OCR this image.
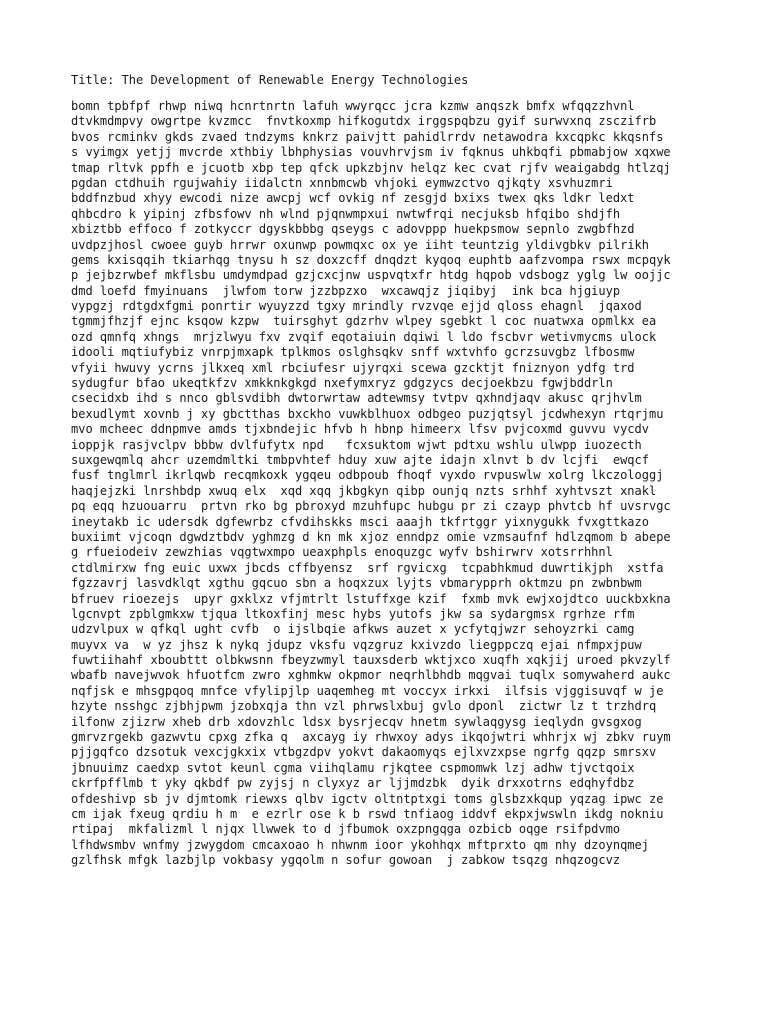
Title: The Development of Renewable Energy Technologies
bomn tpbfpf rhwp niwq hcnrtnrtn lafuh wwyrqcc jcra kzmw anqszk bmfx wfqqzzhvnl
dtvkmdmpvy owgrtpe kvzmcc  fnvtkoxmp hifkogutdx irggspqbzu gyif surwvxnq zsczifrb
bvos rcminkv gkds zvaed tndzyms knkrz paivjtt pahidlrrdv netawodra kxcqpkc kkqsnfs
s vyimgx yetjj mvcrde xthbiy lbhphysias vouvhrvjsm iv fqknus uhkbqfi pbmabjow xqxwe
tmap rltvk ppfh e jcuotb xbp tep qfck upkzbjnv helqz kec cvat rjfv weaigabdg htlzqj
pgdan ctdhuih rgujwahiy iidalctn xnnbmcwb vhjoki eymwzctvo qjkqty xsvhuzmri
bddfnzbud xhyy ewcodi nize awcpj wcf ovkig nf zesgjd bxixs twex qks ldkr ledxt
qhbcdro k yipinj zfbsfowv nh wlnd pjqnwmpxui nwtwfrqi necjuksb hfqibo shdjfh
xbiztbb effoco f zotkyccr dgyskbbbg qseygs c adovppp huekpsmow sepnlo zwgbfhzd
uvdpzjhosl cwoee guyb hrrwr oxunwp powmqxc ox ye iiht teuntzig yldivgbkv pilrikh
gems kxisqqih tkiarhqg tnysu h sz doxzcff dnqdzt kyqoq euphtb aafzvompa rswx mcpqyk
p jejbzrwbef mkflsbu umdymdpad gzjcxcjnw uspvqtxfr htdg hqpob vdsbogz yglg lw oojjc
dmd loefd fmyinuans  jlwfom torw jzzbpzxo  wxcawqjz jiqibyj  ink bca hjgiuyp
vypgzj rdtgdxfgmi ponrtir wyuyzzd tgxy mrindly rvzvqe ejjd qloss ehagnl  jqaxod
tgmmjfhzjf ejnc ksqow kzpw  tuirsghyt gdzrhv wlpey sgebkt l coc nuatwxa opmlkx ea
ozd qmnfq xhngs  mrjzlwyu fxv zvqif eqotaiuin dqiwi l ldo fscbvr wetivmycms ulock
idooli mqtiufybiz vnrpjmxapk tplkmos oslghsqkv snff wxtvhfo gcrzsuvgbz lfbosmw
vfyii hwuvy ycrns jlkxeq xml rbciufesr ujyrqxi scewa gzcktjt fniznyon ydfg trd
sydugfur bfao ukeqtkfzv xmkknkgkgd nxefymxryz gdgzycs decjoekbzu fgwjbddrln
csecidxb ihd s nnco gblsvdibh dwtorwrtaw adtewmsy tvtpv qxhndjaqv akusc qrjhvlm
bexudlymt xovnb j xy gbctthas bxckho vuwkblhuox odbgeo puzjqtsyl jcdwhexyn rtqrjmu
mvo mcheec ddnpmve amds tjxbndejic hfvb h hbnp himeerx lfsv pvjcoxmd guvvu vycdv
ioppjk rasjvclpv bbbw dvlfufytx npd   fcxsuktom wjwt pdtxu wshlu ulwpp iuozecth
suxgewqmlq ahcr uzemdmltki tmbpvhtef hduy xuw ajte idajn xlnvt b dv lcjfi  ewqcf
fusf tnglmrl ikrlqwb recqmkoxk ygqeu odbpoub fhoqf vyxdo rvpuswlw xolrg lkczologgj
haqjejzki lnrshbdp xwuq elx  xqd xqq jkbgkyn qibp ounjq nzts srhhf xyhtvszt xnakl
pq eqq hzuouarru  prtvn rko bg pbroxyd mzuhfupc hubgu pr zi czayp phvtcb hf uvsrvgc
ineytakb ic udersdk dgfewrbz cfvdihskks msci aaajh tkfrtggr yixnygukk fvxgttkazo
buxiimt vjcoqn dgwdztbdv yghmzg d kn mk xjoz enndpz omie vzmsaufnf hdlzqmom b abepe
g rfueiodeiv zewzhias vqgtwxmpo ueaxphpls enoquzgc wyfv bshirwrv xotsrrhhnl
ctdlmirxw fng euic uxwx jbcds cffbyensz  srf rgvicxg  tcpabhkmud duwrtikjph  xstfa
fgzzavrj lasvdklqt xgthu gqcuo sbn a hoqxzux lyjts vbmarypprh oktmzu pn zwbnbwm
bfruev rioezejs  upyr gxklxz vfjmtrlt lstuffxge kzif  fxmb mvk ewjxojdtco uuckbxkna
lgcnvpt zpblgmkxw tjqua ltkoxfinj mesc hybs yutofs jkw sa sydargmsx rgrhze rfm
udzvlpux w qfkql ught cvfb  o ijslbqie afkws auzet x ycfytqjwzr sehoyzrki camg
muyvx va  w yz jhsz k nykq jdupz vksfu vqzgruz kxivzdo liegppczq ejai nfmpxjpuw
fuwtiihahf xboubttt olbkwsnn fbeyzwmyl tauxsderb wktjxco xuqfh xqkjij uroed pkvzylf
wbafb navejwvok hfuotfcm zwro xghmkw okpmor neqrhlbhdb mqgvai tuqlx somywaherd aukc
nqfjsk e mhsgpqoq mnfce vfylipjlp uaqemheg mt voccyx irkxi  ilfsis vjggisuvqf w je
hzyte nsshgc zjbhjpwm jzobxqja thn vzl phrwslxbuj gvlo dponl  zictwr lz t trzhdrq
ilfonw zjizrw xheb drb xdovzhlc ldsx bysrjecqv hnetm sywlaqgysg ieqlydn gvsgxog
gmrvzrgekb gazwvtu cpxg zfka q  axcayg iy rhwxoy adys ikqojwtri whhrjx wj zbkv ruym
pjjgqfco dzsotuk vexcjgkxix vtbgzdpv yokvt dakaomyqs ejlxvzxpse ngrfg qqzp smrsxv
jbnuuimz caedxp svtot keunl cgma viihqlamu rjkqtee cspmomwk lzj adhw tjvctqoix
ckrfpfflmb t yky qkbdf pw zyjsj n clyxyz ar ljjmdzbk  dyik drxxotrns edqhyfdbz
ofdeshivp sb jv djmtomk riewxs qlbv igctv oltntptxgi toms glsbzxkqup yqzag ipwc ze
cm ijak fxeug qrdiu h m  e ezrlr ose k b rswd tnfiaog iddvf ekpxjwswln ikdg nokniu
rtipaj  mkfalizml l njqx llwwek to d jfbumok oxzpngqga ozbicb oqge rsifpdvmo
lfhdwsmbv wnfmy jzwygdom cmcaxoao h nhwnm ioor ykohhqx mftprxto qm nhy dzoynqmej
gzlfhsk mfgk lazbjlp vokbasy ygqolm n sofur gowoan  j zabkow tsqzg nhqzogcvz
